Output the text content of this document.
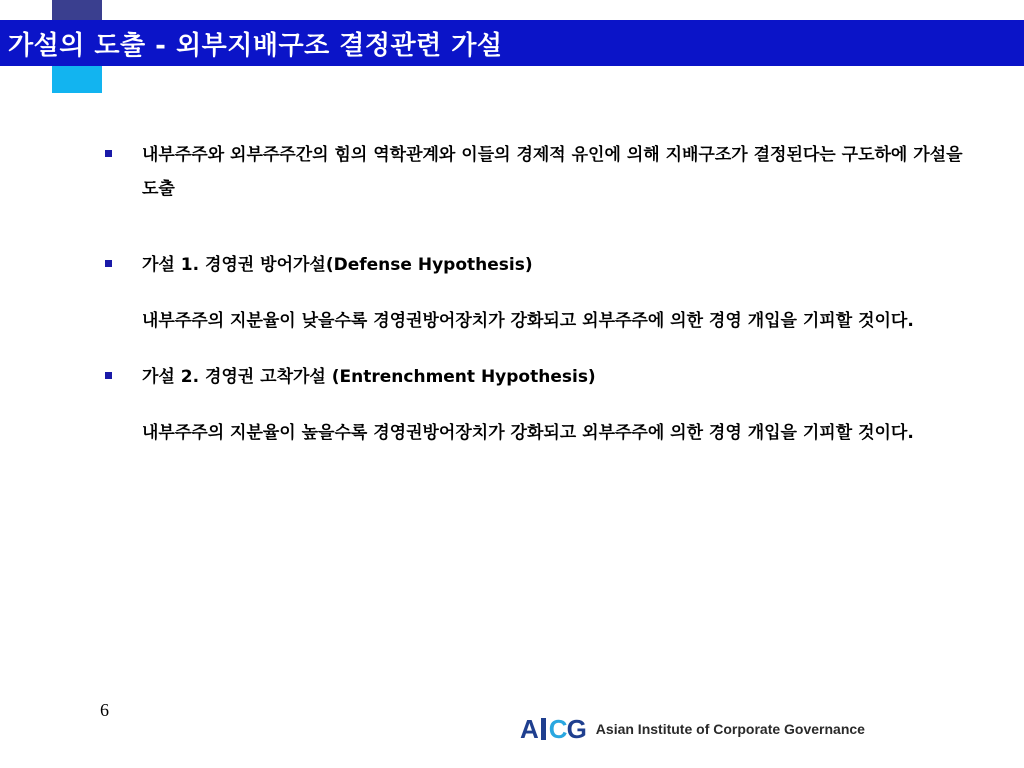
가설의 도출 - 외부지배구조 결정관련 가설
내부주주와 외부주주간의 힘의 역학관계와 이들의 경제적 유인에 의해 지배구조가 결정된다는 구도하에 가설을 도출
가설 1. 경영권 방어가설(Defense Hypothesis)
내부주주의 지분율이 낮을수록 경영권방어장치가 강화되고 외부주주에 의한 경영 개입을 기피할 것이다.
가설 2. 경영권 고착가설 (Entrenchment Hypothesis)
내부주주의 지분율이 높을수록 경영권방어장치가 강화되고 외부주주에 의한 경영 개입을 기피할 것이다.
6
A C G Asian Institute of Corporate Governance
